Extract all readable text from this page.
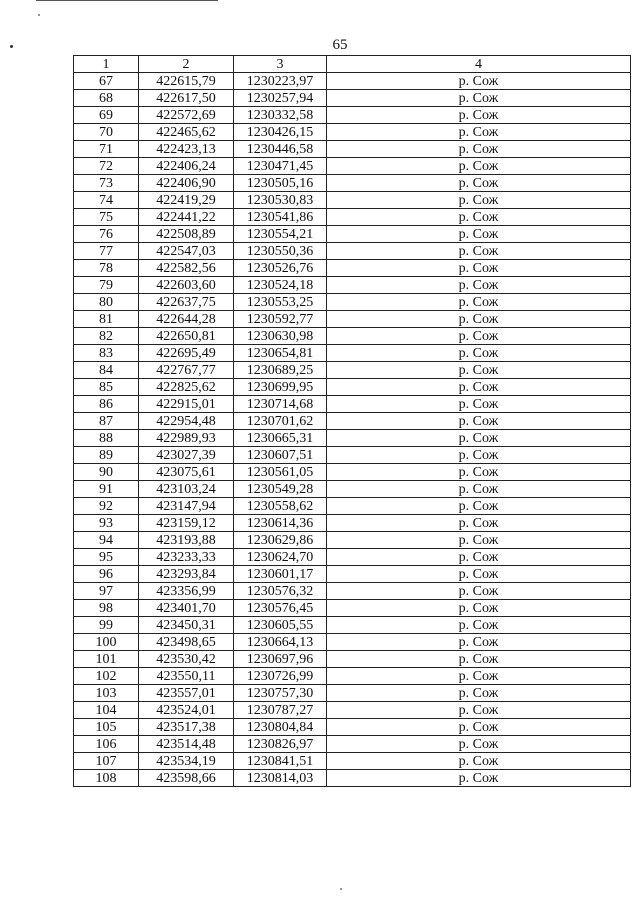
65
1	2	3	4
67	422615,79	1230223,97	р. Сож
68	422617,50	1230257,94	р. Сож
69	422572,69	1230332,58	р. Сож
70	422465,62	1230426,15	р. Сож
71	422423,13	1230446,58	р. Сож
72	422406,24	1230471,45	р. Сож
73	422406,90	1230505,16	р. Сож
74	422419,29	1230530,83	р. Сож
75	422441,22	1230541,86	р. Сож
76	422508,89	1230554,21	р. Сож
77	422547,03	1230550,36	р. Сож
78	422582,56	1230526,76	р. Сож
79	422603,60	1230524,18	р. Сож
80	422637,75	1230553,25	р. Сож
81	422644,28	1230592,77	р. Сож
82	422650,81	1230630,98	р. Сож
83	422695,49	1230654,81	р. Сож
84	422767,77	1230689,25	р. Сож
85	422825,62	1230699,95	р. Сож
86	422915,01	1230714,68	р. Сож
87	422954,48	1230701,62	р. Сож
88	422989,93	1230665,31	р. Сож
89	423027,39	1230607,51	р. Сож
90	423075,61	1230561,05	р. Сож
91	423103,24	1230549,28	р. Сож
92	423147,94	1230558,62	р. Сож
93	423159,12	1230614,36	р. Сож
94	423193,88	1230629,86	р. Сож
95	423233,33	1230624,70	р. Сож
96	423293,84	1230601,17	р. Сож
97	423356,99	1230576,32	р. Сож
98	423401,70	1230576,45	р. Сож
99	423450,31	1230605,55	р. Сож
100	423498,65	1230664,13	р. Сож
101	423530,42	1230697,96	р. Сож
102	423550,11	1230726,99	р. Сож
103	423557,01	1230757,30	р. Сож
104	423524,01	1230787,27	р. Сож
105	423517,38	1230804,84	р. Сож
106	423514,48	1230826,97	р. Сож
107	423534,19	1230841,51	р. Сож
108	423598,66	1230814,03	р. Сож
